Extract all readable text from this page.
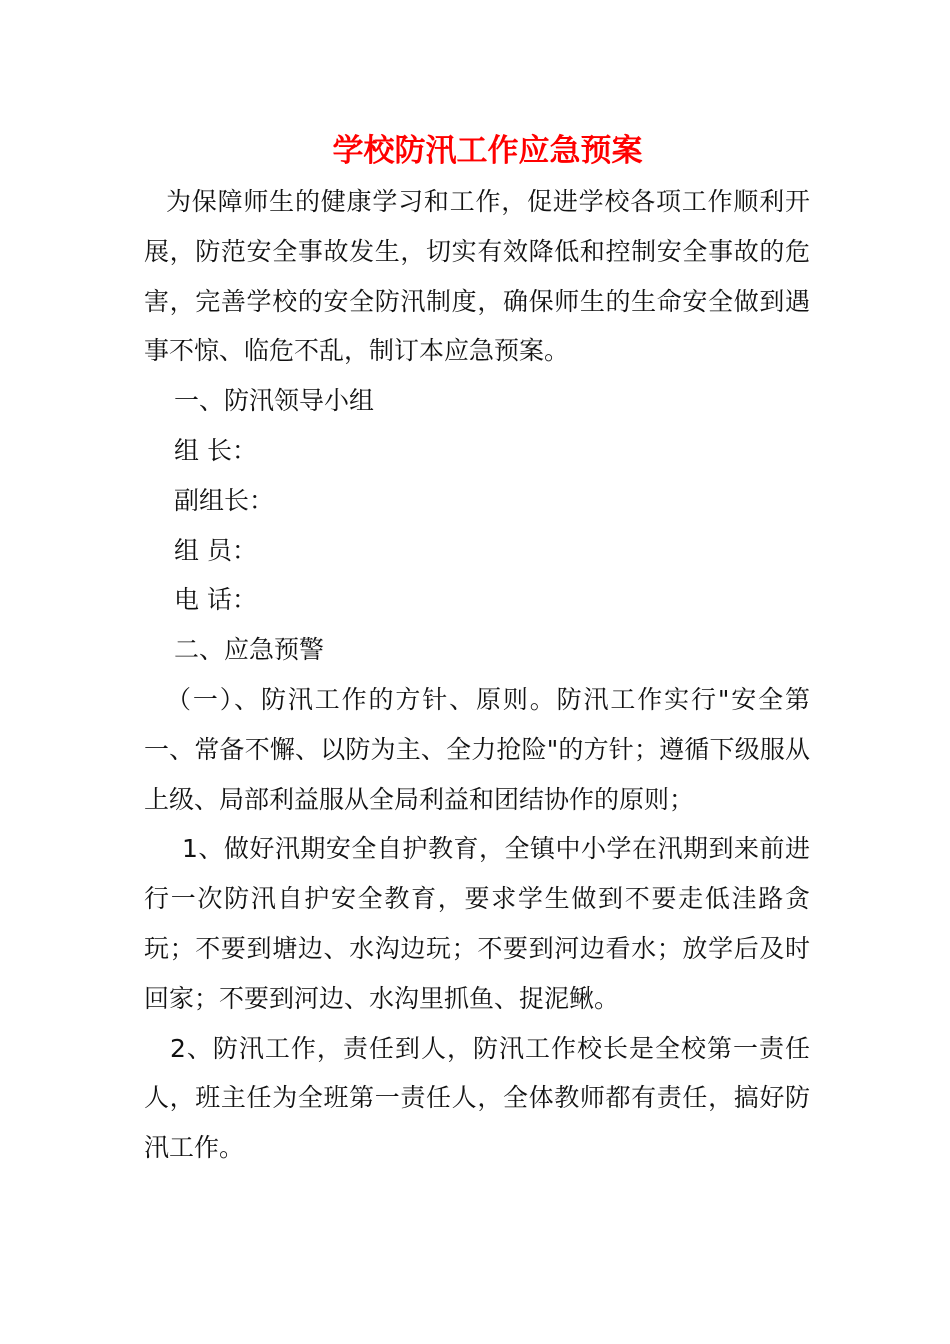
学校防汛工作应急预案

为保障师生的健康学习和工作，促进学校各项工作顺利开展，防范安全事故发生，切实有效降低和控制安全事故的危害，完善学校的安全防汛制度，确保师生的生命安全做到遇事不惊、临危不乱，制订本应急预案。

一、防汛领导小组

组 长：

副组长：

组 员：

电 话：

二、应急预警

（一）、防汛工作的方针、原则。防汛工作实行"安全第一、常备不懈、以防为主、全力抢险"的方针；遵循下级服从上级、局部利益服从全局利益和团结协作的原则；

1、做好汛期安全自护教育，全镇中小学在汛期到来前进行一次防汛自护安全教育，要求学生做到不要走低洼路贪玩；不要到塘边、水沟边玩；不要到河边看水；放学后及时回家；不要到河边、水沟里抓鱼、捉泥鳅。

2、防汛工作，责任到人，防汛工作校长是全校第一责任人，班主任为全班第一责任人，全体教师都有责任，搞好防汛工作。
